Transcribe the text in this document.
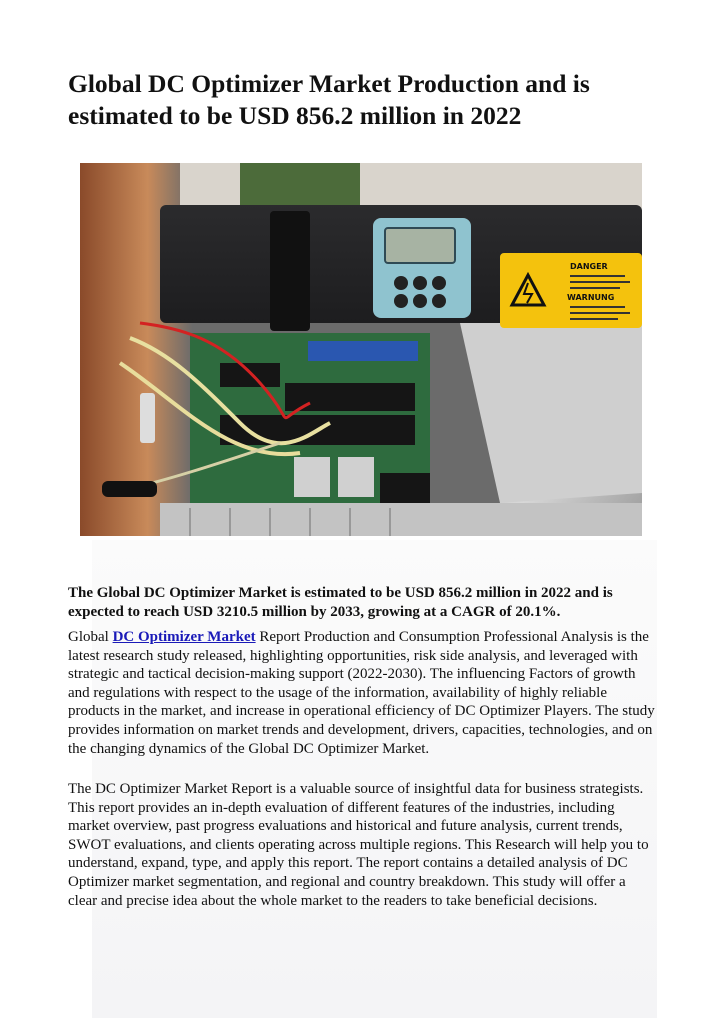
Global DC Optimizer Market Production and is estimated to be USD 856.2 million in 2022
DANGER
WARNUNG

The Global DC Optimizer Market is estimated to be USD 856.2 million in 2022 and is expected to reach USD 3210.5 million by 2033, growing at a CAGR of 20.1%.

Global DC Optimizer Market Report Production and Consumption Professional Analysis is the latest research study released, highlighting opportunities, risk side analysis, and leveraged with strategic and tactical decision-making support (2022-2030). The influencing Factors of growth and regulations with respect to the usage of the information, availability of highly reliable products in the market, and increase in operational efficiency of DC Optimizer Players. The study provides information on market trends and development, drivers, capacities, technologies, and on the changing dynamics of the Global DC Optimizer Market.

The DC Optimizer Market Report is a valuable source of insightful data for business strategists. This report provides an in-depth evaluation of different features of the industries, including market overview, past progress evaluations and historical and future analysis, current trends, SWOT evaluations, and clients operating across multiple regions. This Research will help you to understand, expand, type, and apply this report. The report contains a detailed analysis of DC Optimizer market segmentation, and regional and country breakdown. This study will offer a clear and precise idea about the whole market to the readers to take beneficial decisions.
